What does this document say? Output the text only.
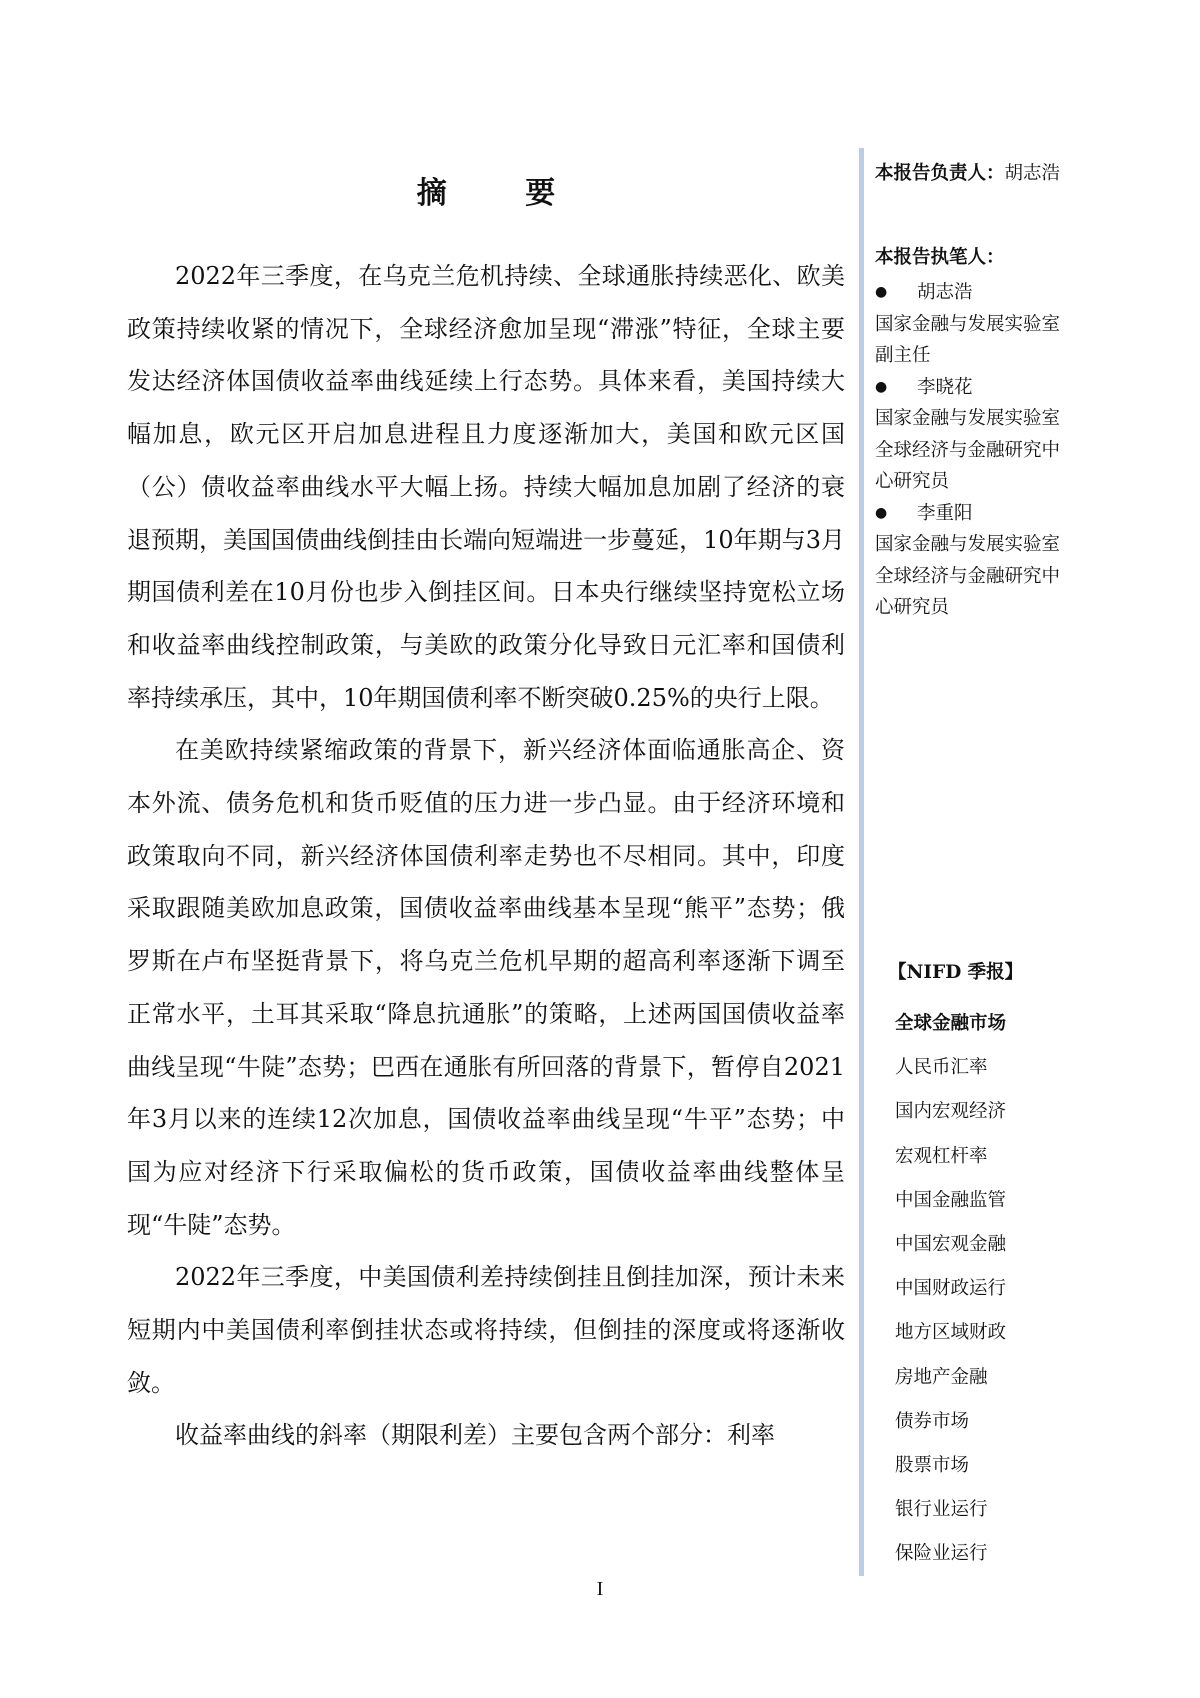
摘 要

2022年三季度，在乌克兰危机持续、全球通胀持续恶化、欧美政策持续收紧的情况下，全球经济愈加呈现“滞涨”特征，全球主要发达经济体国债收益率曲线延续上行态势。具体来看，美国持续大幅加息，欧元区开启加息进程且力度逐渐加大，美国和欧元区国（公）债收益率曲线水平大幅上扬。持续大幅加息加剧了经济的衰退预期，美国国债曲线倒挂由长端向短端进一步蔓延，10年期与3月期国债利差在10月份也步入倒挂区间。日本央行继续坚持宽松立场和收益率曲线控制政策，与美欧的政策分化导致日元汇率和国债利率持续承压，其中，10年期国债利率不断突破0.25%的央行上限。

在美欧持续紧缩政策的背景下，新兴经济体面临通胀高企、资本外流、债务危机和货币贬值的压力进一步凸显。由于经济环境和政策取向不同，新兴经济体国债利率走势也不尽相同。其中，印度采取跟随美欧加息政策，国债收益率曲线基本呈现“熊平”态势；俄罗斯在卢布坚挺背景下，将乌克兰危机早期的超高利率逐渐下调至正常水平，土耳其采取“降息抗通胀”的策略，上述两国国债收益率曲线呈现“牛陡”态势；巴西在通胀有所回落的背景下，暂停自2021年3月以来的连续12次加息，国债收益率曲线呈现“牛平”态势；中国为应对经济下行采取偏松的货币政策，国债收益率曲线整体呈现“牛陡”态势。

2022年三季度，中美国债利差持续倒挂且倒挂加深，预计未来短期内中美国债利率倒挂状态或将持续，但倒挂的深度或将逐渐收敛。

收益率曲线的斜率（期限利差）主要包含两个部分：利率

本报告负责人：胡志浩
本报告执笔人：
● 胡志浩
国家金融与发展实验室
副主任
● 李晓花
国家金融与发展实验室
全球经济与金融研究中
心研究员
● 李重阳
国家金融与发展实验室
全球经济与金融研究中
心研究员
【NIFD 季报】
全球金融市场
人民币汇率
国内宏观经济
宏观杠杆率
中国金融监管
中国宏观金融
中国财政运行
地方区域财政
房地产金融
债券市场
股票市场
银行业运行
保险业运行
I
